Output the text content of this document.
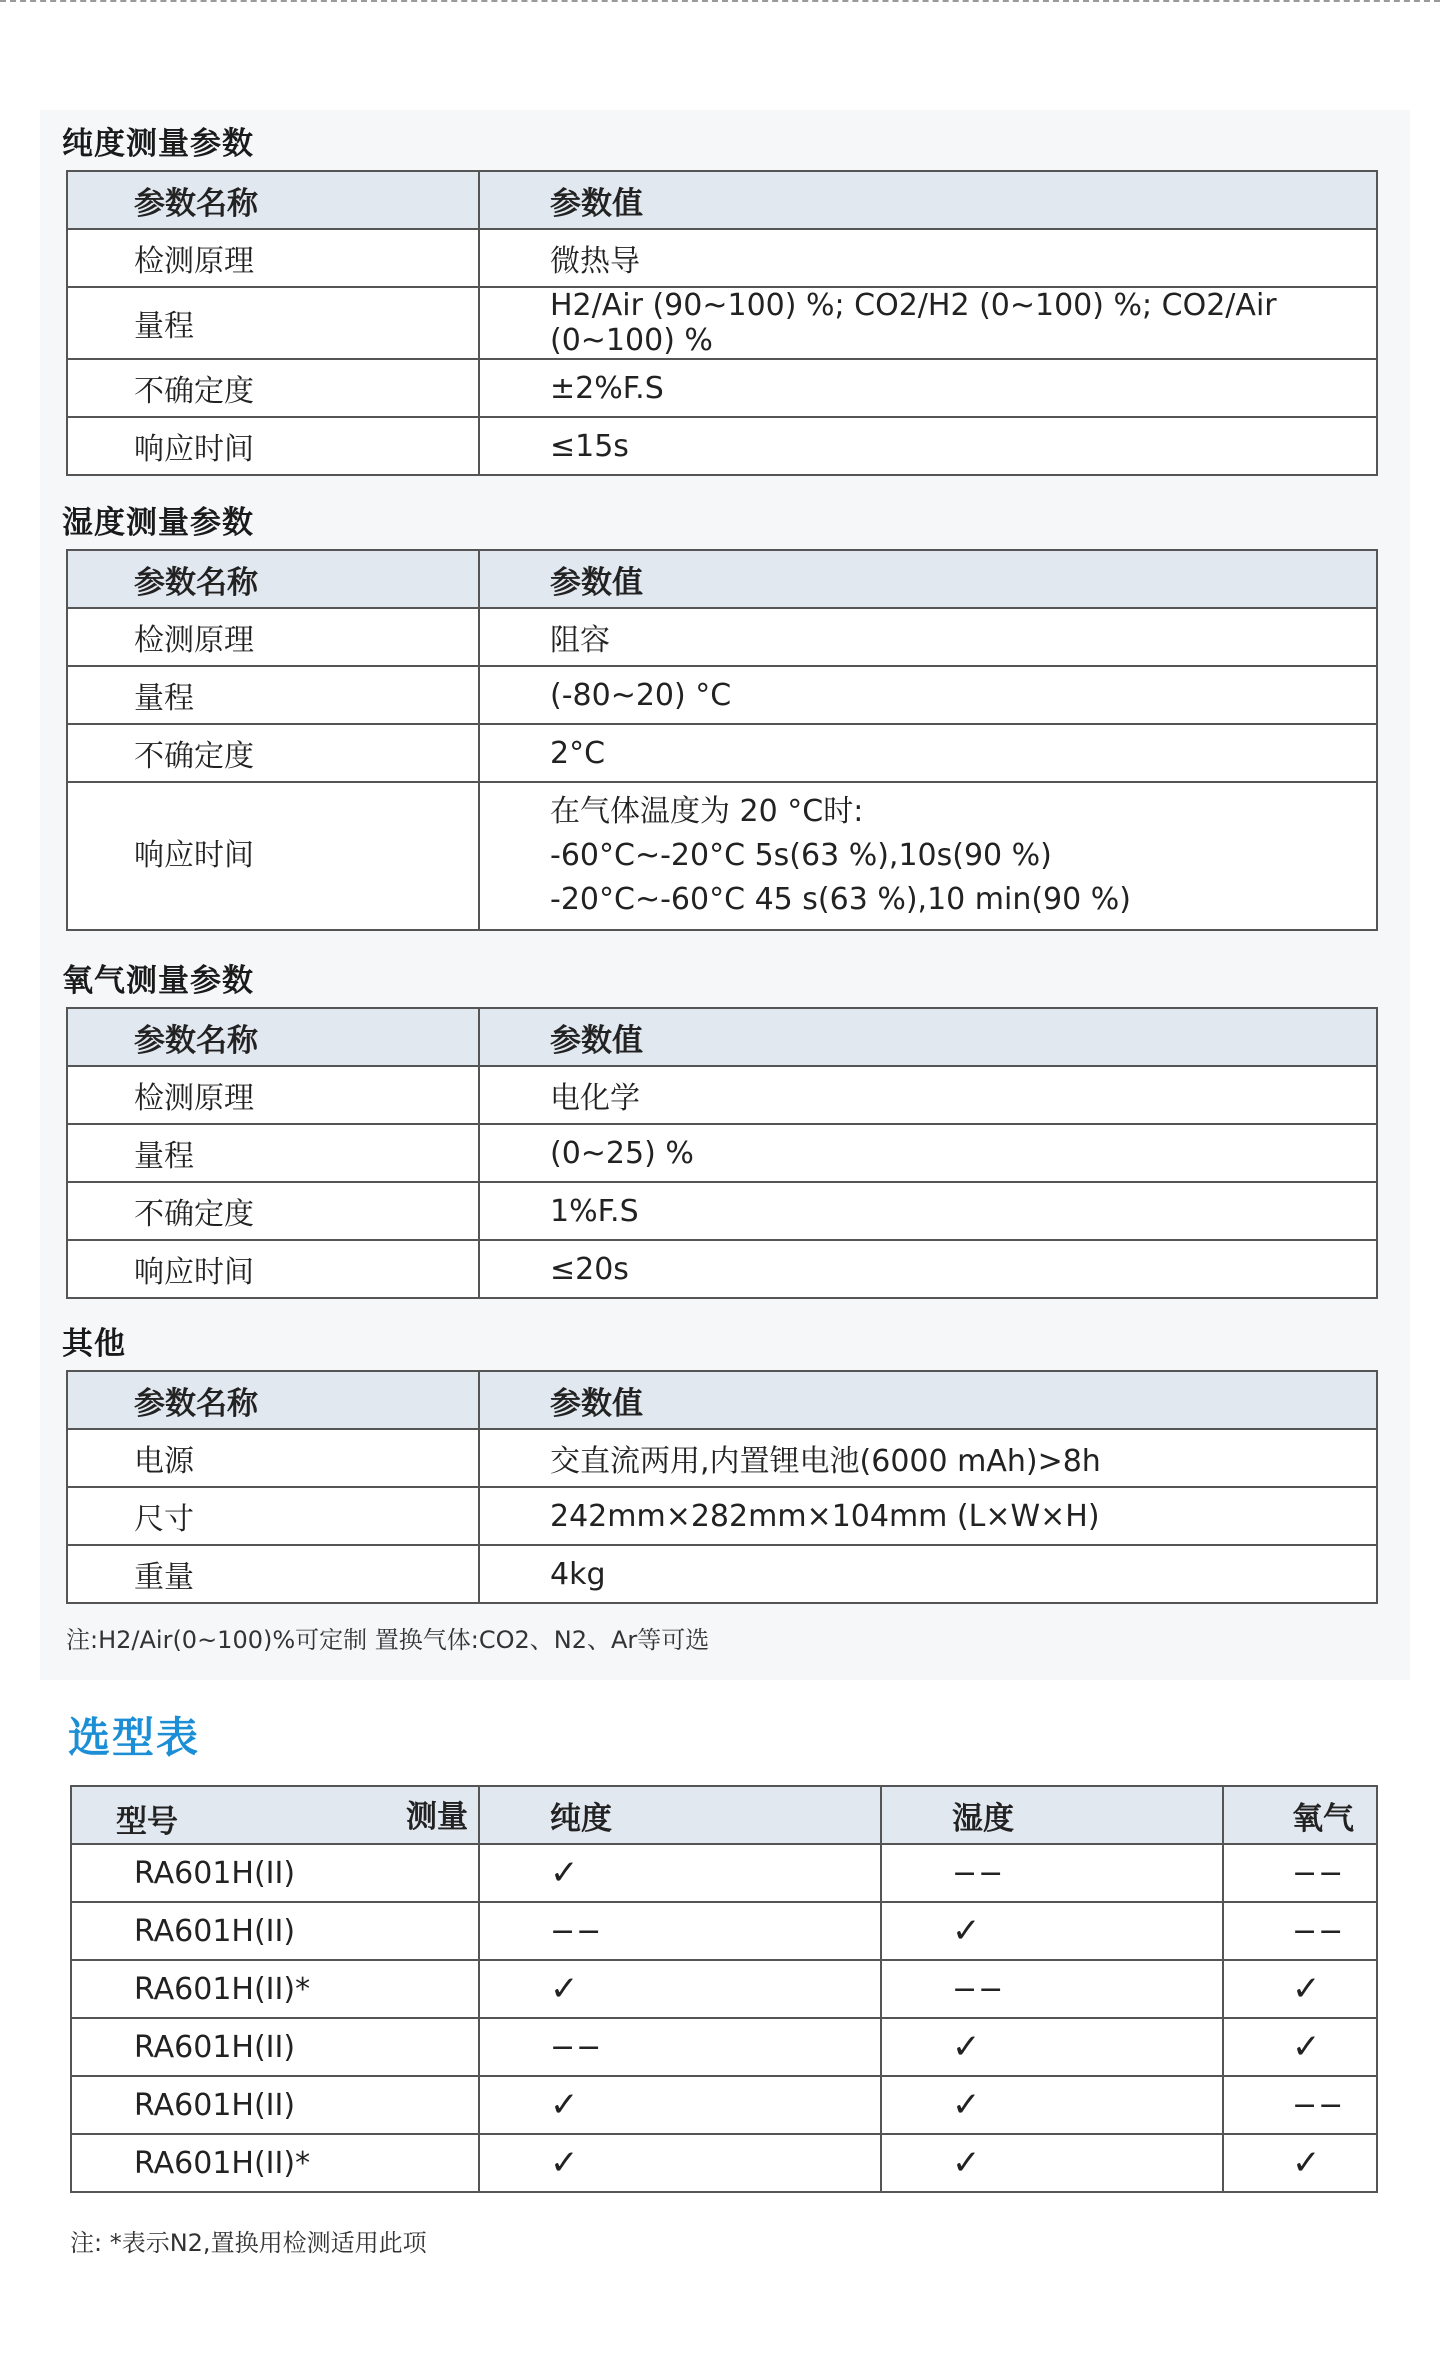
纯度测量参数
参数名称	参数值
检测原理	微热导
量程	H2/Air (90~100) %; CO2/H2 (0~100) %; CO2/Air (0~100) %
不确定度	±2%F.S
响应时间	≤15s
湿度测量参数
参数名称	参数值
检测原理	阻容
量程	(-80~20) °C
不确定度	2°C
响应时间	在气体温度为 20 °C时:
-60°C~-20°C 5s(63 %),10s(90 %)
-20°C~-60°C 45 s(63 %),10 min(90 %)
氧气测量参数
参数名称	参数值
检测原理	电化学
量程	(0~25) %
不确定度	1%F.S
响应时间	≤20s
其他
参数名称	参数值
电源	交直流两用,内置锂电池(6000 mAh)>8h
尺寸	242mm×282mm×104mm (L×W×H)
重量	4kg
注:H2/Air(0~100)%可定制 置换气体:CO2、N2、Ar等可选
选型表
测量
型号	纯度	湿度	氧气
RA601H(II)	✓	−−	−−
RA601H(II)	−−	✓	−−
RA601H(II)*	✓	−−	✓
RA601H(II)	−−	✓	✓
RA601H(II)	✓	✓	−−
RA601H(II)*	✓	✓	✓
注: *表示N2,置换用检测适用此项
